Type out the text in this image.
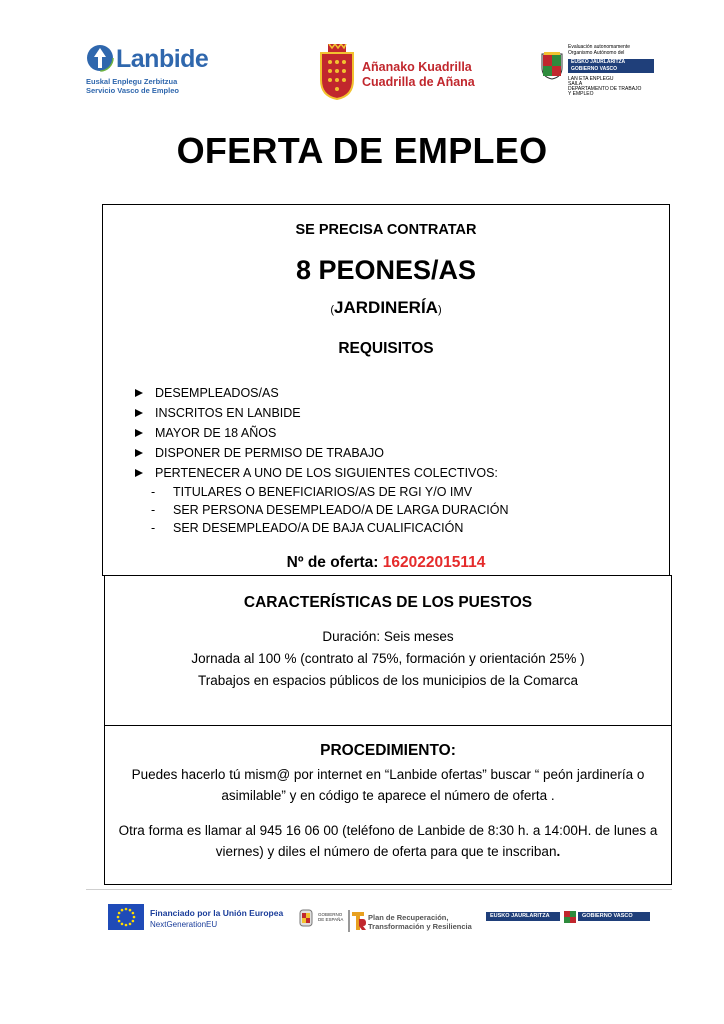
Lanbide
Euskal Enplegu Zerbitzua
Servicio Vasco de Empleo
Añanako Kuadrilla
Cuadrilla de Añana
Evaluación autonomamente
Organismo Autónomo del
EUSKO JAURLARITZA
GOBIERNO VASCO
LAN ETA ENPLEGU
SAILA
DEPARTAMENTO DE TRABAJO
Y EMPLEO
OFERTA DE EMPLEO
SE PRECISA CONTRATAR
8 PEONES/AS
(JARDINERÍA)
REQUISITOS
DESEMPLEADOS/AS
INSCRITOS EN LANBIDE
MAYOR DE 18 AÑOS
DISPONER DE PERMISO DE TRABAJO
PERTENECER A UNO DE LOS SIGUIENTES COLECTIVOS:
- TITULARES O BENEFICIARIOS/AS DE RGI Y/O IMV
- SER PERSONA DESEMPLEADO/A DE LARGA DURACIÓN
- SER DESEMPLEADO/A DE BAJA CUALIFICACIÓN
Nº de oferta: 162022015114
CARACTERÍSTICAS DE LOS PUESTOS
Duración: Seis meses
Jornada al 100 % (contrato al 75%, formación y orientación 25% )
Trabajos en espacios públicos de los municipios de la Comarca
PROCEDIMIENTO:
Puedes hacerlo tú mism@ por internet en “Lanbide ofertas” buscar “ peón jardinería o asimilable” y en código te aparece el número de oferta .
Otra forma es llamar al 945 16 06 00 (teléfono de Lanbide de 8:30 h. a 14:00H. de lunes a viernes) y diles el número de oferta para que te inscriban.
Financiado por la Unión Europea
NextGenerationEU
GOBIERNO
DE ESPAÑA	Plan de Recuperación,
Transformación y Resiliencia
EUSKO JAURLARITZA	GOBIERNO VASCO
